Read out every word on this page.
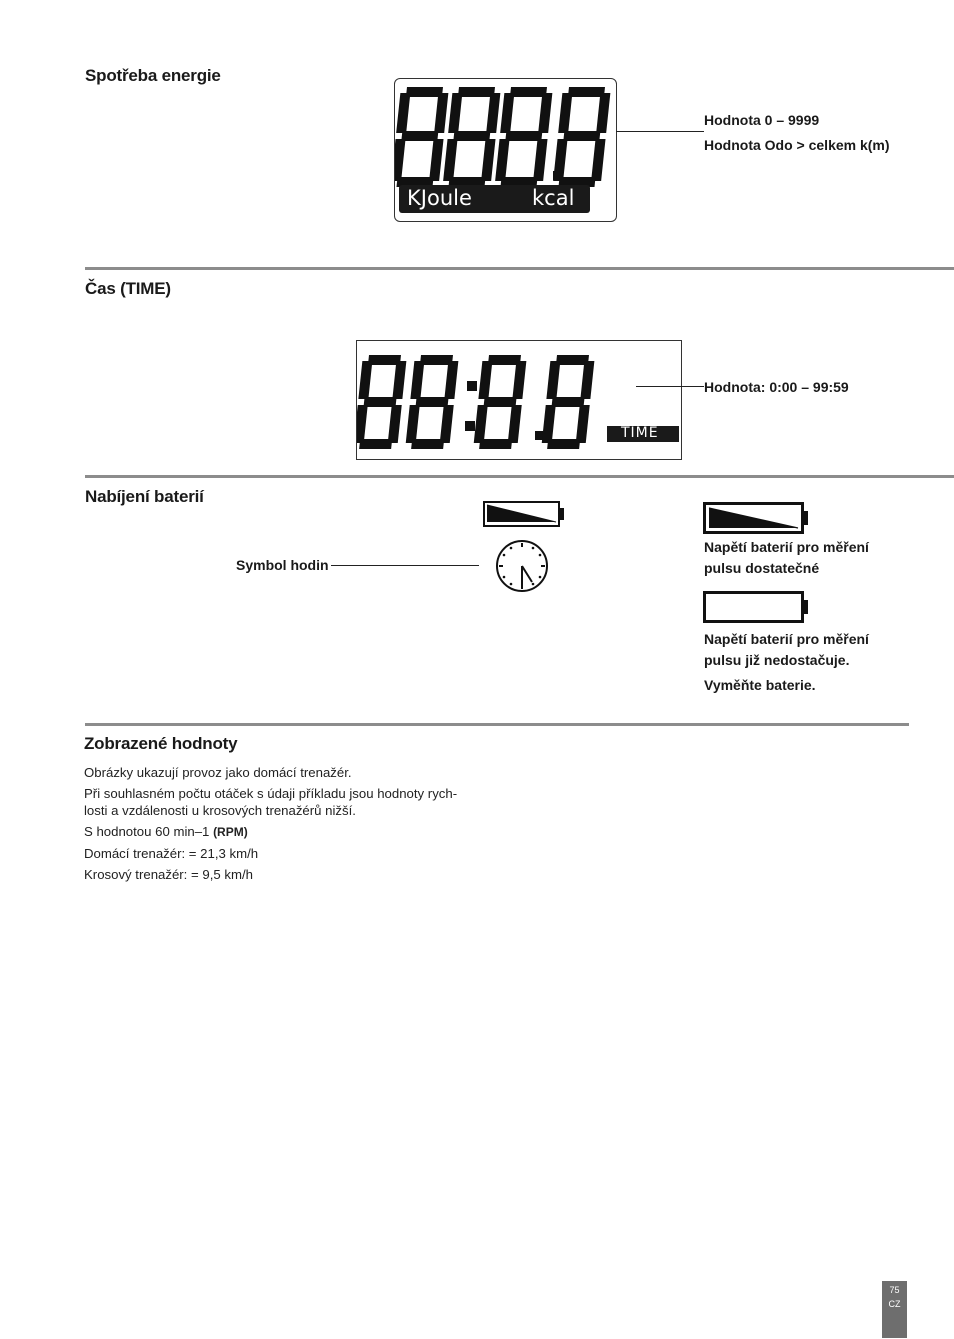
Spotřeba energie
KJoule	kcal
Hodnota 0 – 9999
Hodnota Odo > celkem k(m)
Čas (TIME)
TIME
Hodnota: 0:00 – 99:59
Nabíjení baterií
Symbol hodin
Napětí baterií pro měření
pulsu dostatečné
Napětí baterií pro měření
pulsu již nedostačuje.
Vyměňte baterie.
Zobrazené hodnoty
Obrázky ukazují provoz jako domácí trenažér.
Při souhlasném počtu otáček s údaji příkladu jsou hodnoty rych-
losti a vzdálenosti u krosových trenažérů nižší.
S hodnotou 60 min–1 (RPM)
Domácí trenažér: = 21,3 km/h
Krosový trenažér: = 9,5 km/h
75
CZ
